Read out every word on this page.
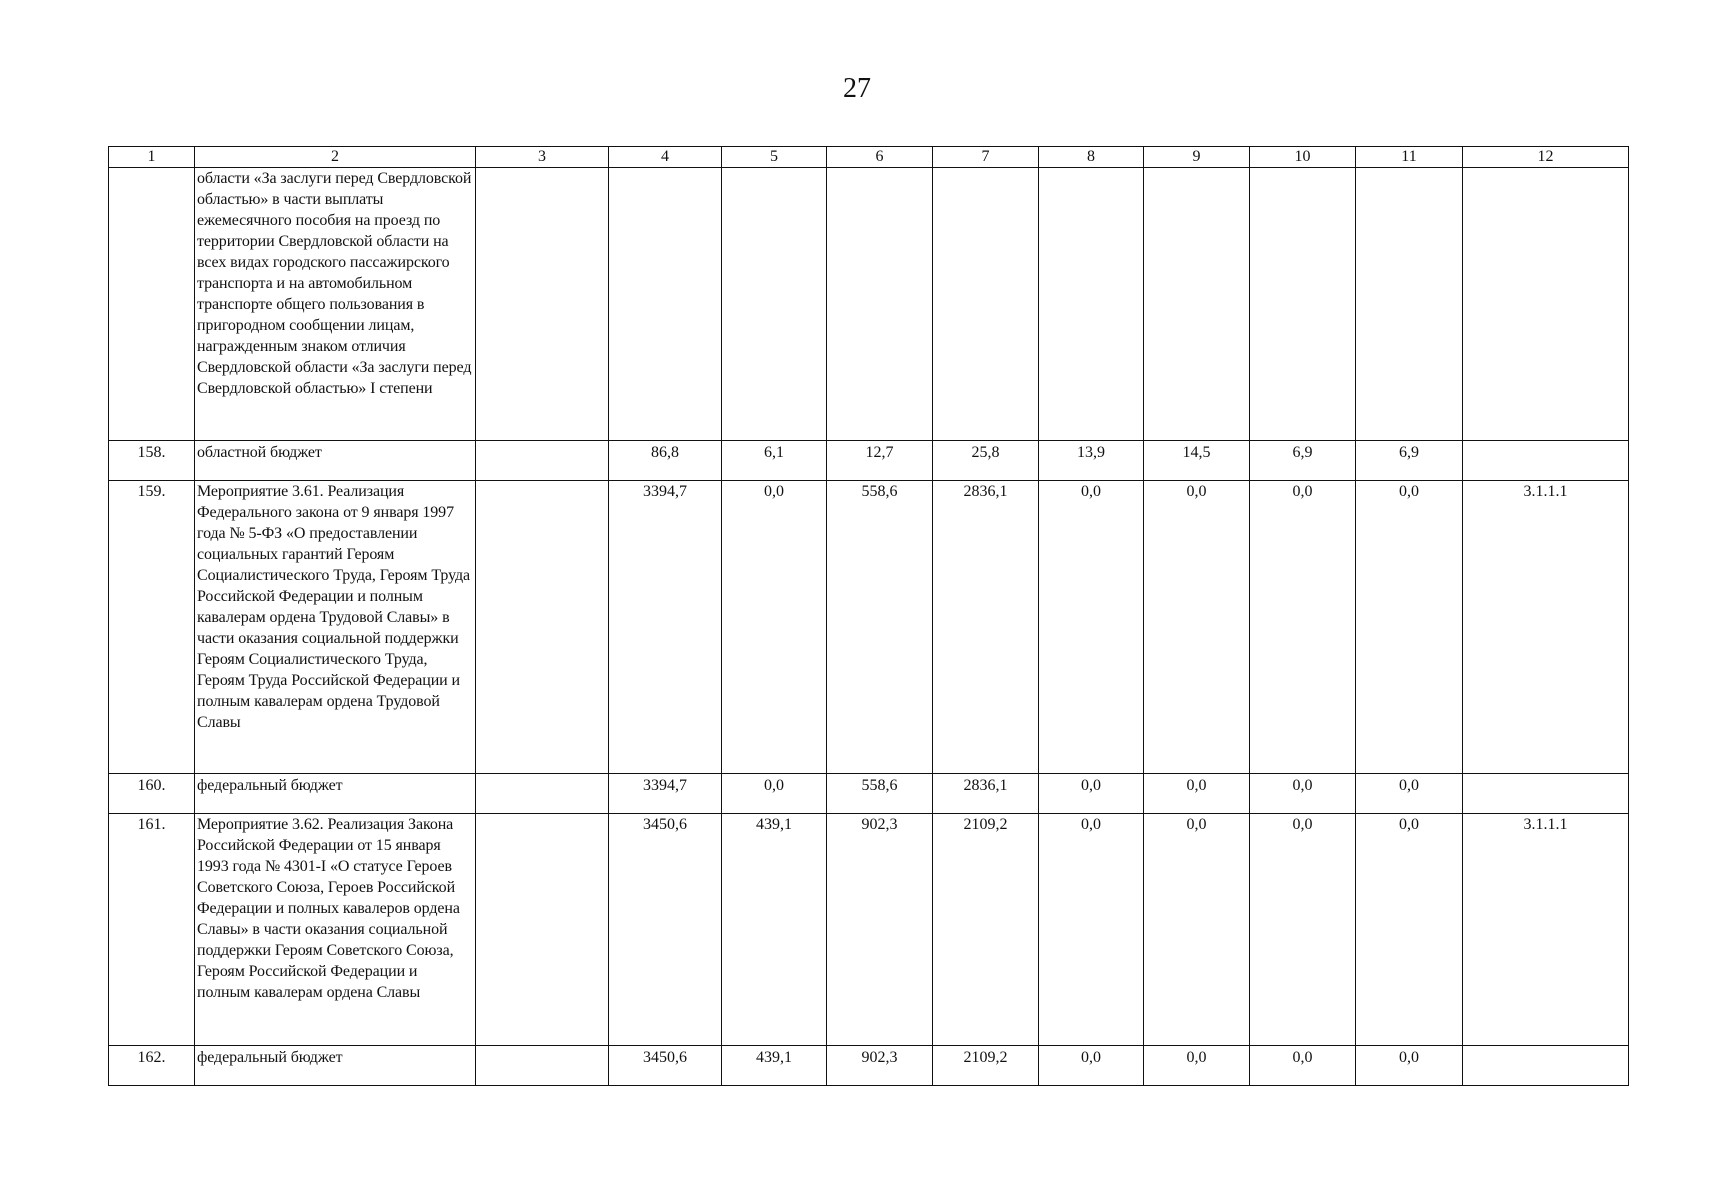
27
1	2	3	4	5	6	7	8	9	10	11	12
	области «За заслуги перед Свердловской областью» в части выплаты ежемесячного пособия на проезд по территории Свердловской области на всех видах городского пассажирского транспорта и на автомобильном транспорте общего пользования в пригородном сообщении лицам, награжденным знаком отличия Свердловской области «За заслуги перед Свердловской областью» I степени										
158.	областной бюджет		86,8	6,1	12,7	25,8	13,9	14,5	6,9	6,9	
159.	Мероприятие 3.61. Реализация Федерального закона от 9 января 1997 года № 5-ФЗ «О предоставлении социальных гарантий Героям Социалистического Труда, Героям Труда Российской Федерации и полным кавалерам ордена Трудовой Славы» в части оказания социальной поддержки Героям Социалистического Труда, Героям Труда Российской Федерации и полным кавалерам ордена Трудовой Славы		3394,7	0,0	558,6	2836,1	0,0	0,0	0,0	0,0	3.1.1.1
160.	федеральный бюджет		3394,7	0,0	558,6	2836,1	0,0	0,0	0,0	0,0	
161.	Мероприятие 3.62. Реализация Закона Российской Федерации от 15 января 1993 года № 4301-I «О статусе Героев Советского Союза, Героев Российской Федерации и полных кавалеров ордена Славы» в части оказания социальной поддержки Героям Советского Союза, Героям Российской Федерации и полным кавалерам ордена Славы		3450,6	439,1	902,3	2109,2	0,0	0,0	0,0	0,0	3.1.1.1
162.	федеральный бюджет		3450,6	439,1	902,3	2109,2	0,0	0,0	0,0	0,0	
